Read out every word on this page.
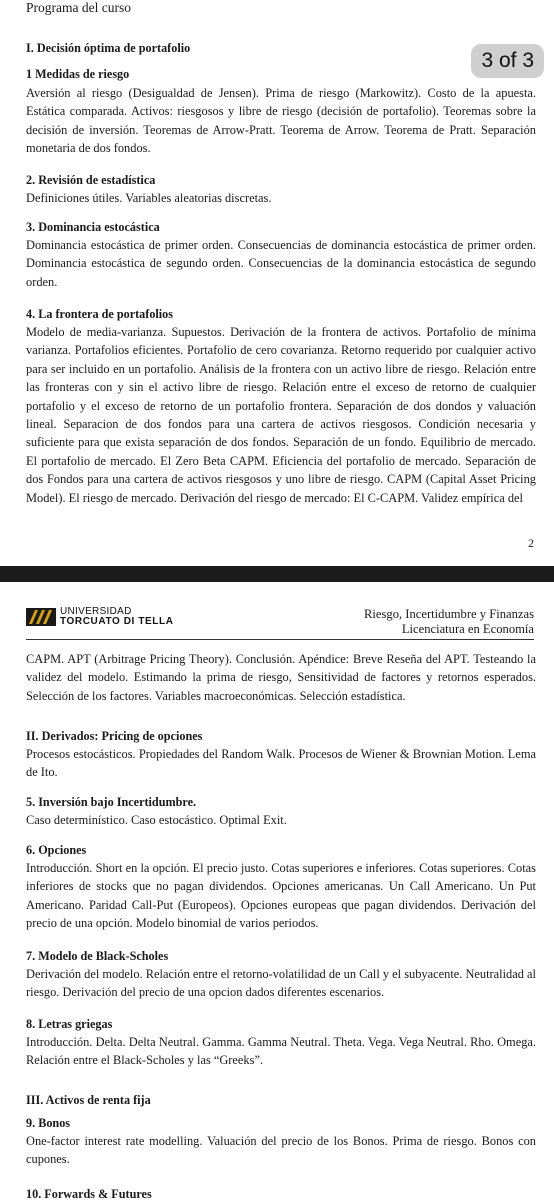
Programa del curso
I. Decisión óptima de portafolio
1 Medidas de riesgo
Aversión al riesgo (Desigualdad de Jensen). Prima de riesgo (Markowitz). Costo de la apuesta. Estática comparada. Activos: riesgosos y libre de riesgo (decisión de portafolio). Teoremas sobre la decisión de inversión. Teoremas de Arrow-Pratt. Teorema de Arrow. Teorema de Pratt. Separación monetaria de dos fondos.
2. Revisión de estadística
Definiciones útiles. Variables aleatorias discretas.
3. Dominancia estocástica
Dominancia estocástica de primer orden. Consecuencias de dominancia estocástica de primer orden. Dominancia estocástica de segundo orden. Consecuencias de la dominancia estocástica de segundo orden.
4. La frontera de portafolios
Modelo de media-varianza. Supuestos. Derivación de la frontera de activos. Portafolio de mínima varianza. Portafolios eficientes. Portafolio de cero covarianza. Retorno requerido por cualquier activo para ser incluido en un portafolio. Análisis de la frontera con un activo libre de riesgo. Relación entre las fronteras con y sin el activo libre de riesgo. Relación entre el exceso de retorno de cualquier portafolio y el exceso de retorno de un portafolio frontera. Separación de dos dondos y valuación lineal. Separacion de dos fondos para una cartera de activos riesgosos. Condición necesaria y suficiente para que exista separación de dos fondos. Separación de un fondo. Equilibrio de mercado. El portafolio de mercado. El Zero Beta CAPM. Eficiencia del portafolio de mercado. Separación de dos Fondos para una cartera de activos riesgosos y uno libre de riesgo. CAPM (Capital Asset Pricing Model). El riesgo de mercado. Derivación del riesgo de mercado: El C-CAPM. Validez empírica del
2
3 of 3
UNIVERSIDAD
TORCUATO DI TELLA
Riesgo, Incertidumbre y Finanzas
Licenciatura en Economía
CAPM. APT (Arbitrage Pricing Theory). Conclusión. Apéndice: Breve Reseña del APT. Testeando la validez del modelo. Estimando la prima de riesgo, Sensitividad de factores y retornos esperados. Selección de los factores. Variables macroeconómicas. Selección estadística.
II. Derivados: Pricing de opciones
Procesos estocásticos. Propiedades del Random Walk. Procesos de Wiener & Brownian Motion. Lema de Ito.
5. Inversión bajo Incertidumbre.
Caso determinístico. Caso estocástico. Optimal Exit.
6. Opciones
Introducción. Short en la opción. El precio justo. Cotas superiores e inferiores. Cotas superiores. Cotas inferiores de stocks que no pagan dividendos. Opciones americanas. Un Call Americano. Un Put Americano. Paridad Call-Put (Europeos). Opciones europeas que pagan dividendos. Derivación del precio de una opción. Modelo binomial de varios periodos.
7. Modelo de Black-Scholes
Derivación del modelo. Relación entre el retorno-volatilidad de un Call y el subyacente. Neutralidad al riesgo. Derivación del precio de una opcion dados diferentes escenarios.
8. Letras griegas
Introducción. Delta. Delta Neutral. Gamma. Gamma Neutral. Theta. Vega. Vega Neutral. Rho. Omega. Relación entre el Black-Scholes y las “Greeks”.
III. Activos de renta fija
9. Bonos
One-factor interest rate modelling. Valuación del precio de los Bonos. Prima de riesgo. Bonos con cupones.
10. Forwards & Futures
